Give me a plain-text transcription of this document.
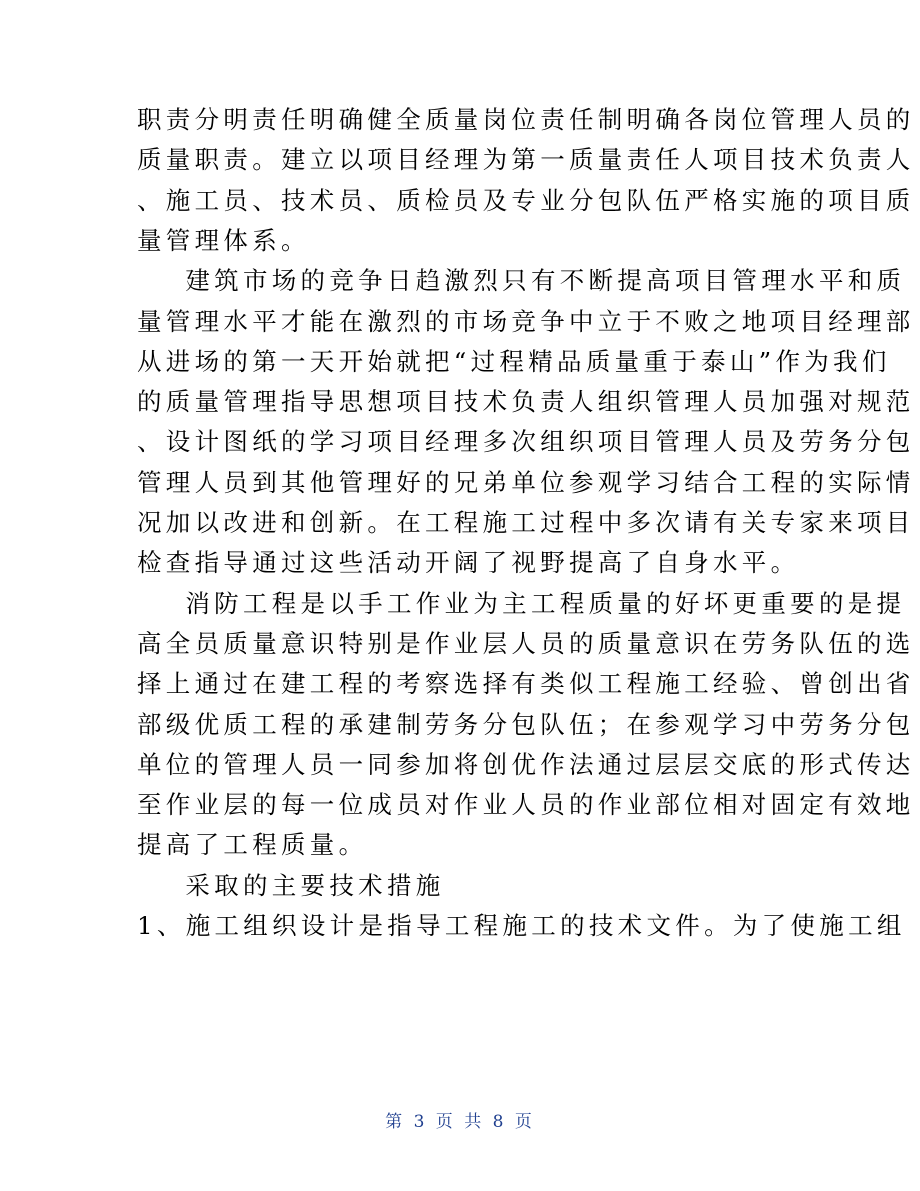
职责分明责任明确健全质量岗位责任制明确各岗位管理人员的
质量职责。建立以项目经理为第一质量责任人项目技术负责人
、施工员、技术员、质检员及专业分包队伍严格实施的项目质
量管理体系。
建筑市场的竞争日趋激烈只有不断提高项目管理水平和质
量管理水平才能在激烈的市场竞争中立于不败之地项目经理部
从进场的第一天开始就把“过程精品质量重于泰山”作为我们
的质量管理指导思想项目技术负责人组织管理人员加强对规范
、设计图纸的学习项目经理多次组织项目管理人员及劳务分包
管理人员到其他管理好的兄弟单位参观学习结合工程的实际情
况加以改进和创新。在工程施工过程中多次请有关专家来项目
检查指导通过这些活动开阔了视野提高了自身水平。
消防工程是以手工作业为主工程质量的好坏更重要的是提
高全员质量意识特别是作业层人员的质量意识在劳务队伍的选
择上通过在建工程的考察选择有类似工程施工经验、曾创出省
部级优质工程的承建制劳务分包队伍；在参观学习中劳务分包
单位的管理人员一同参加将创优作法通过层层交底的形式传达
至作业层的每一位成员对作业人员的作业部位相对固定有效地
提高了工程质量。
采取的主要技术措施
1、施工组织设计是指导工程施工的技术文件。为了使施工组
第 3 页 共 8 页
